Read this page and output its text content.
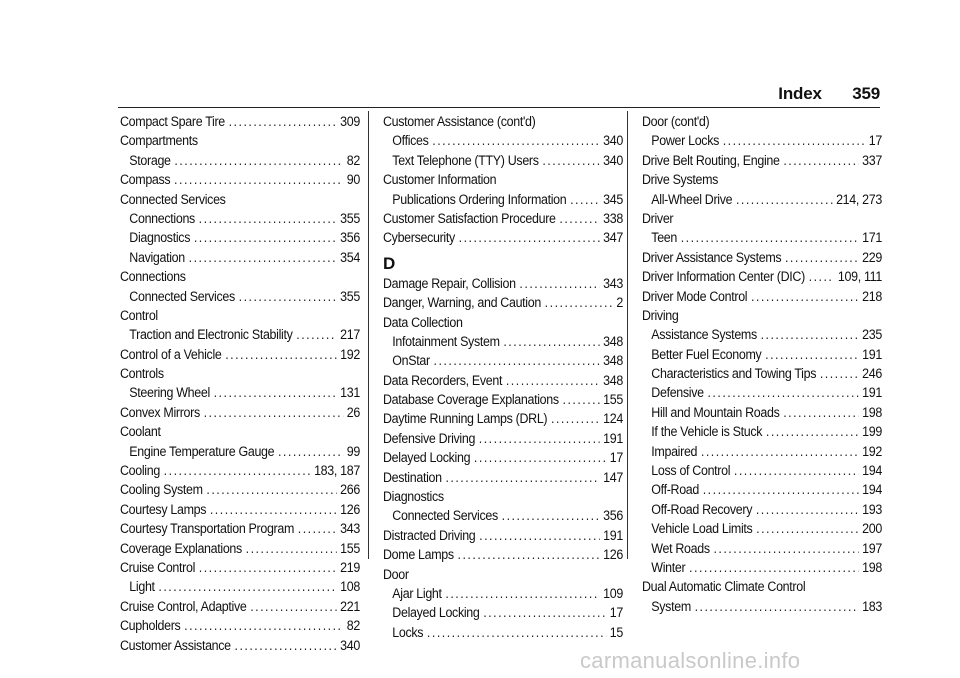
Index 359
Compact Spare Tire .....	309
Compartments
Storage .....	82
Compass .....	90
Connected Services
Connections .....	355
Diagnostics .....	356
Navigation .....	354
Connections
Connected Services .....	355
Control
Traction and Electronic Stability .....	217
Control of a Vehicle .....	192
Controls
Steering Wheel .....	131
Convex Mirrors .....	26
Coolant
Engine Temperature Gauge .....	99
Cooling .....	183, 187
Cooling System .....	266
Courtesy Lamps .....	126
Courtesy Transportation Program .....	343
Coverage Explanations .....	155
Cruise Control .....	219
Light .....	108
Cruise Control, Adaptive .....	221
Cupholders .....	82
Customer Assistance .....	340
Customer Assistance (cont'd)
Offices .....	340
Text Telephone (TTY) Users .....	340
Customer Information
Publications Ordering Information .....	345
Customer Satisfaction Procedure .....	338
Cybersecurity .....	347
D
Damage Repair, Collision .....	343
Danger, Warning, and Caution .....	2
Data Collection
Infotainment System .....	348
OnStar .....	348
Data Recorders, Event .....	348
Database Coverage Explanations .....	155
Daytime Running Lamps (DRL) .....	124
Defensive Driving .....	191
Delayed Locking .....	17
Destination .....	147
Diagnostics
Connected Services .....	356
Distracted Driving .....	191
Dome Lamps .....	126
Door
Ajar Light .....	109
Delayed Locking .....	17
Locks .....	15
Door (cont'd)
Power Locks .....	17
Drive Belt Routing, Engine .....	337
Drive Systems
All-Wheel Drive .....	214, 273
Driver
Teen .....	171
Driver Assistance Systems .....	229
Driver Information Center (DIC) ..... 109, 111
Driver Mode Control .....	218
Driving
Assistance Systems .....	235
Better Fuel Economy .....	191
Characteristics and Towing Tips .....	246
Defensive .....	191
Hill and Mountain Roads .....	198
If the Vehicle is Stuck .....	199
Impaired .....	192
Loss of Control .....	194
Off-Road .....	194
Off-Road Recovery .....	193
Vehicle Load Limits .....	200
Wet Roads .....	197
Winter .....	198
Dual Automatic Climate Control
System .....	183
carmanualsonline.info
